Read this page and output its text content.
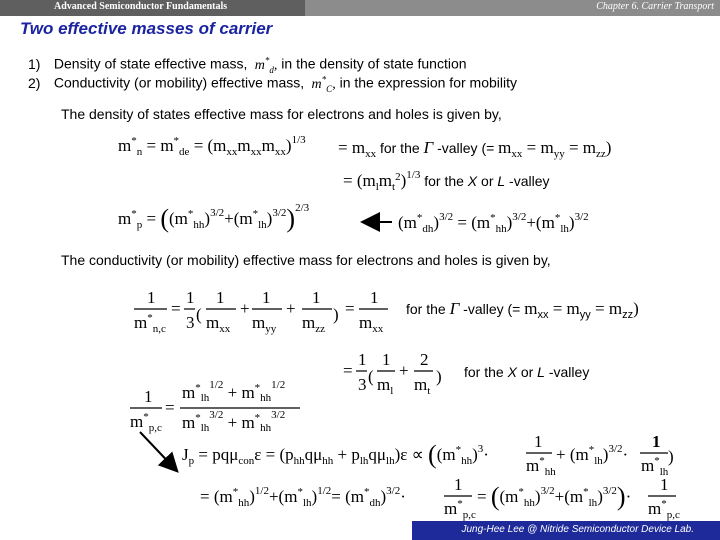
Advanced Semiconductor Fundamentals	Chapter 6. Carrier Transport
Two effective masses of carrier
1) Density of state effective mass,  $m^*_d$, in the density of state function
2) Conductivity (or mobility) effective mass,  $m^*_C$, in the expression for mobility
The density of states effective mass for electrons and holes is given by,
The conductivity (or mobility) effective mass for electrons and holes is given by,
$m^*_n = m^*_{de} = (m_{xx}m_{xx}m_{xx})^{1/3} = m_{xx}$ $^{for the}$ Γ -valley (= $m_{xx} = m_{yy} = m_{zz}$)
= $(m_lm_t^2)^{1/3}$ $_{for the}$ X or L -valley
$m^*_p = ((m^*_{hh})^{3/2}+(m^*_{lh})^{3/2})^{2/3}$
$(m^*_{dh})^{3/2} = (m^*_{hh})^{3/2}+(m^*_{lh})^{3/2}$
1
$m^*_{n,c}$
=
1
3 (
1
$m_{xx}$
+
1
$m_{yy}$
+
1
$m_{zz}$
) =
1
$m_{xx}$
for the Γ -valley (= $m_{xx} = m_{yy} = m_{zz}$)
=
1
3 (
1
$m_l$
+
2
$m_t$
) for the X or L -valley
1
$m^*_{p,c}$
=
$m^*_{lh}^{1/2} + m^*_{hh}^{1/2}$
$m^*_{lh}^{3/2} + m^*_{hh}^{3/2}$
$J_p = pq\mu_{con}\varepsilon = (p_{hh}q\mu_{hh} + p_{lh}q\mu_{lh})\varepsilon \propto ((m^*_{hh})^3\cdot$
1
$m^*_{hh}$
+ $(m^*_{lh})^{3/2}\cdot$
1
$m^*_{lh}$
)
= $(m^*_{hh})^{1/2}+(m^*_{lh})^{1/2}= (m^*_{dh})^{3/2}\cdot$
1
$m^*_{p,c}$
= $((m^*_{hh})^{3/2}+(m^*_{lh})^{3/2})\cdot$
1
$m^*_{p,c}$
Jung-Hee Lee @ Nitride Semiconductor Device Lab.
